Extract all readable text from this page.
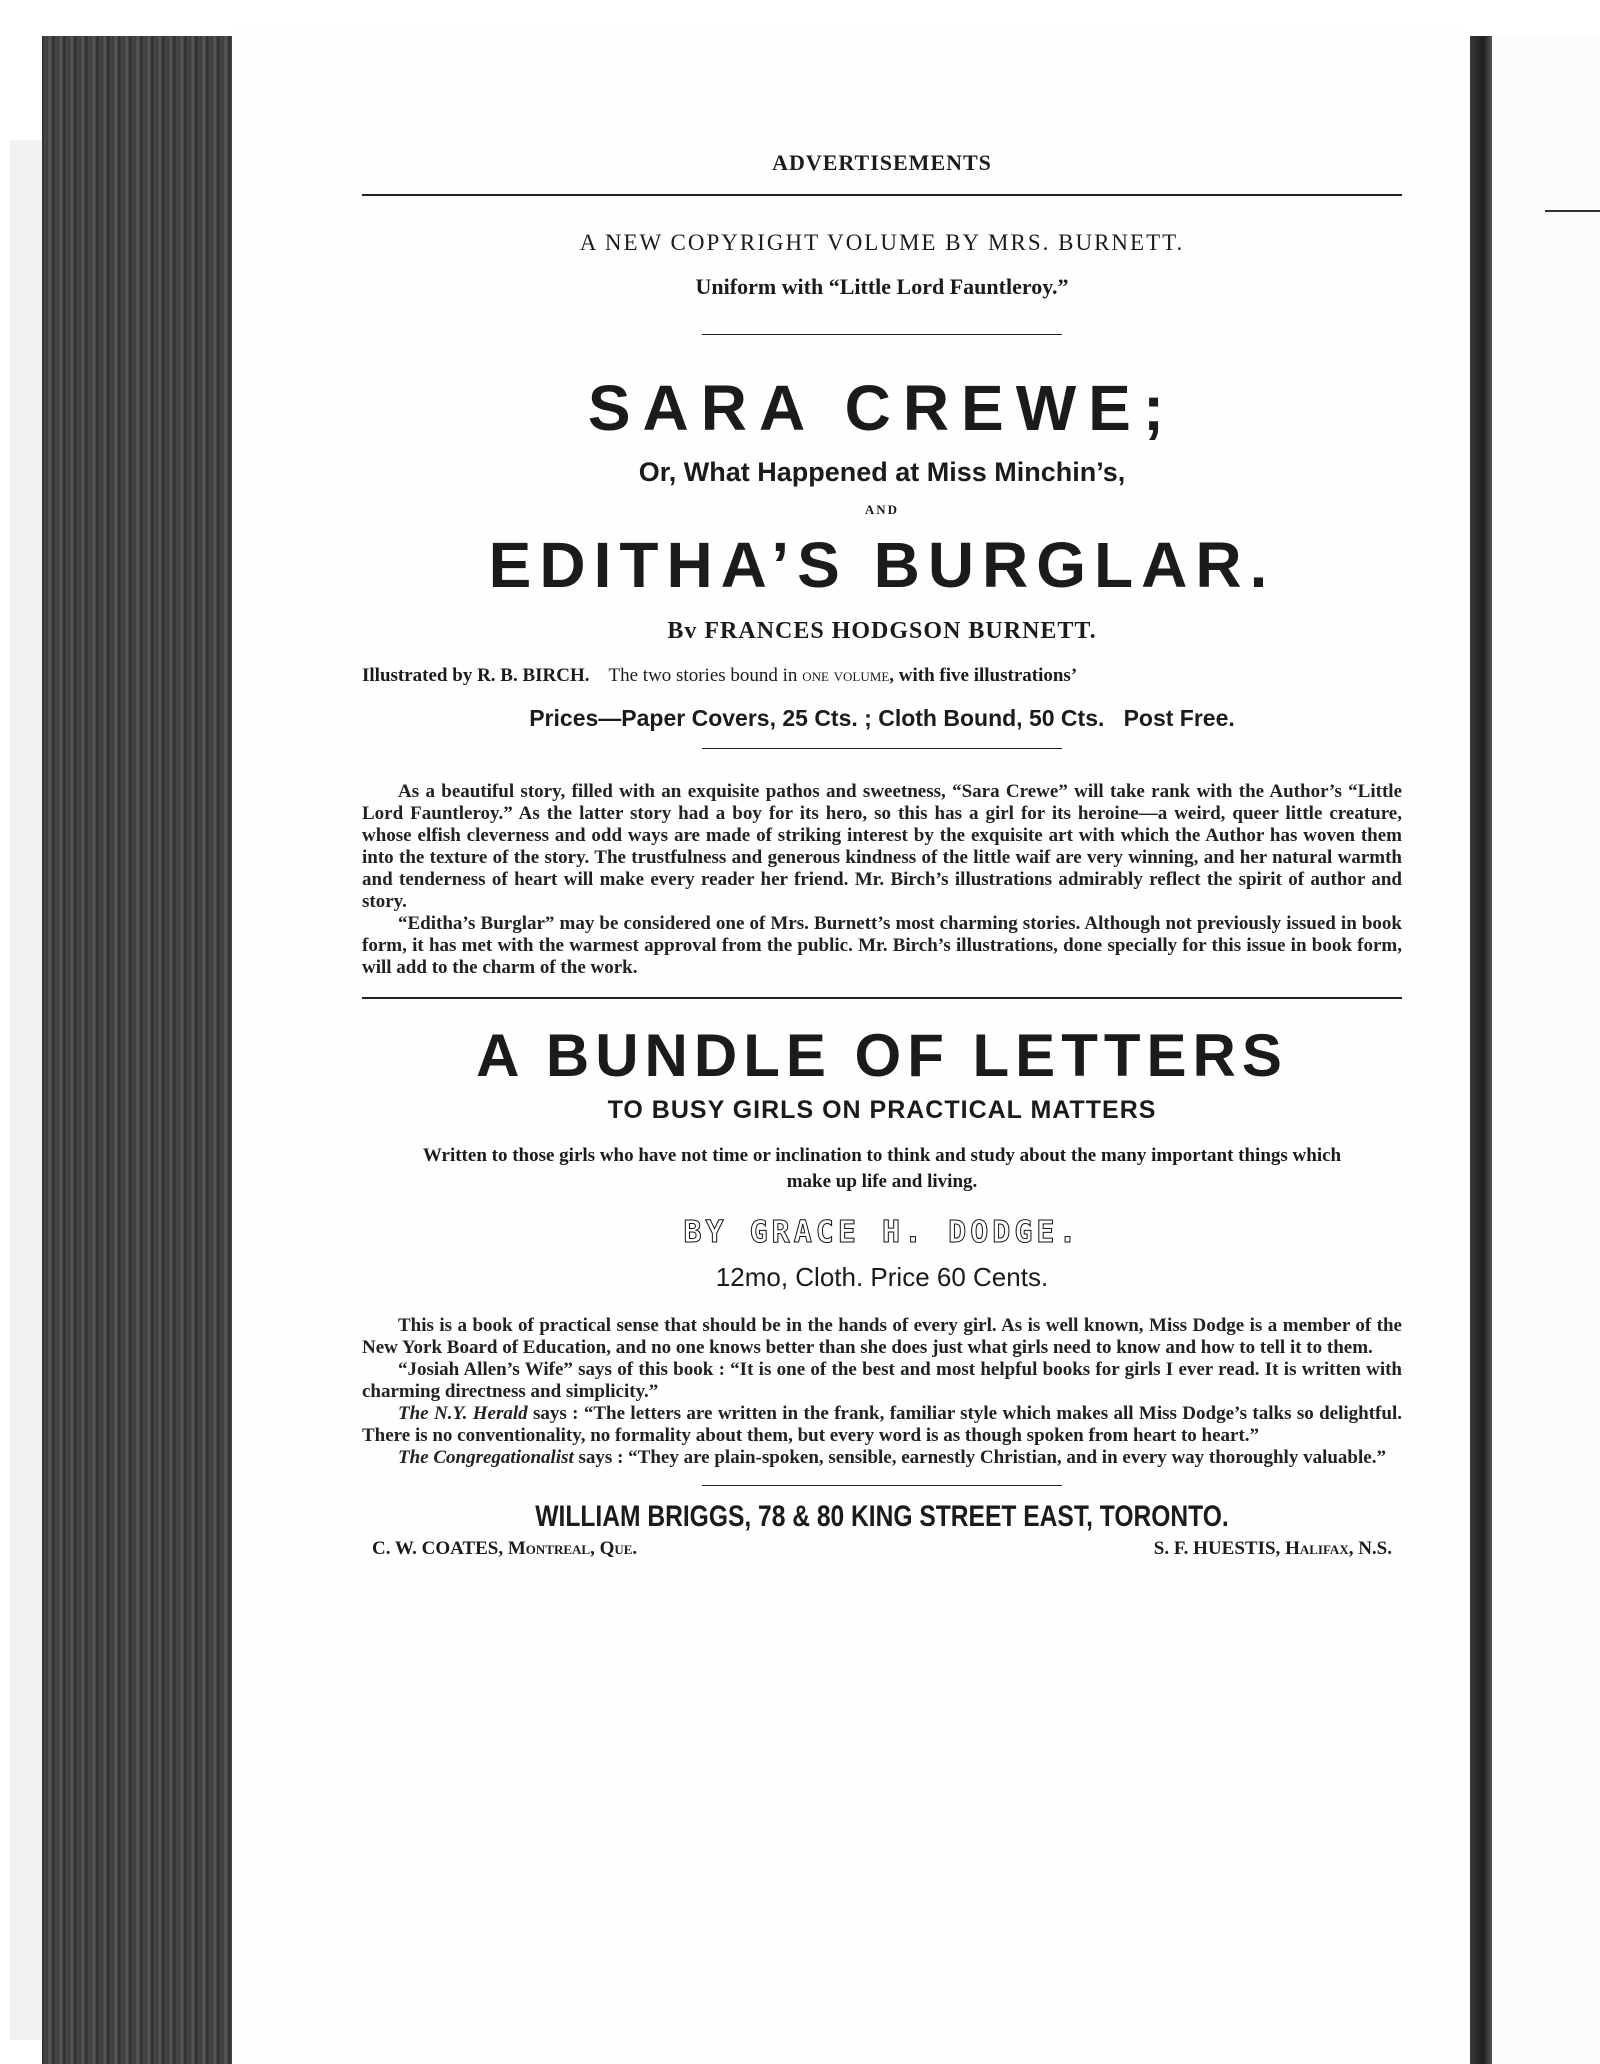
ADVERTISEMENTS
A NEW COPYRIGHT VOLUME BY MRS. BURNETT.
Uniform with “Little Lord Fauntleroy.”
SARA CREWE;
Or, What Happened at Miss Minchin’s,
AND
EDITHA’S BURGLAR.
Bv FRANCES HODGSON BURNETT.
Illustrated by R. B. BIRCH. The two stories bound in one volume, with five illustrations’
Prices—Paper Covers, 25 Cts. ; Cloth Bound, 50 Cts. Post Free.

As a beautiful story, filled with an exquisite pathos and sweetness, “Sara Crewe” will take rank with the Author’s “Little Lord Fauntleroy.” As the latter story had a boy for its hero, so this has a girl for its heroine—a weird, queer little creature, whose elfish cleverness and odd ways are made of striking interest by the exquisite art with which the Author has woven them into the texture of the story. The trustfulness and generous kindness of the little waif are very winning, and her natural warmth and tenderness of heart will make every reader her friend. Mr. Birch’s illustrations admirably reflect the spirit of author and story.

“Editha’s Burglar” may be considered one of Mrs. Burnett’s most charming stories. Although not previously issued in book form, it has met with the warmest approval from the public. Mr. Birch’s illustrations, done specially for this issue in book form, will add to the charm of the work.

A BUNDLE OF LETTERS
TO BUSY GIRLS ON PRACTICAL MATTERS
Written to those girls who have not time or inclination to think and study about the many important things which make up life and living.
BY GRACE H. DODGE.
12mo, Cloth. Price 60 Cents.

This is a book of practical sense that should be in the hands of every girl. As is well known, Miss Dodge is a member of the New York Board of Education, and no one knows better than she does just what girls need to know and how to tell it to them.

“Josiah Allen’s Wife” says of this book : “It is one of the best and most helpful books for girls I ever read. It is written with charming directness and simplicity.”

The N.Y. Herald says : “The letters are written in the frank, familiar style which makes all Miss Dodge’s talks so delightful. There is no conventionality, no formality about them, but every word is as though spoken from heart to heart.”

The Congregationalist says : “They are plain-spoken, sensible, earnestly Christian, and in every way thoroughly valuable.”

WILLIAM BRIGGS, 78 & 80 KING STREET EAST, TORONTO.
C. W. COATES, Montreal, Que.	S. F. HUESTIS, Halifax, N.S.
